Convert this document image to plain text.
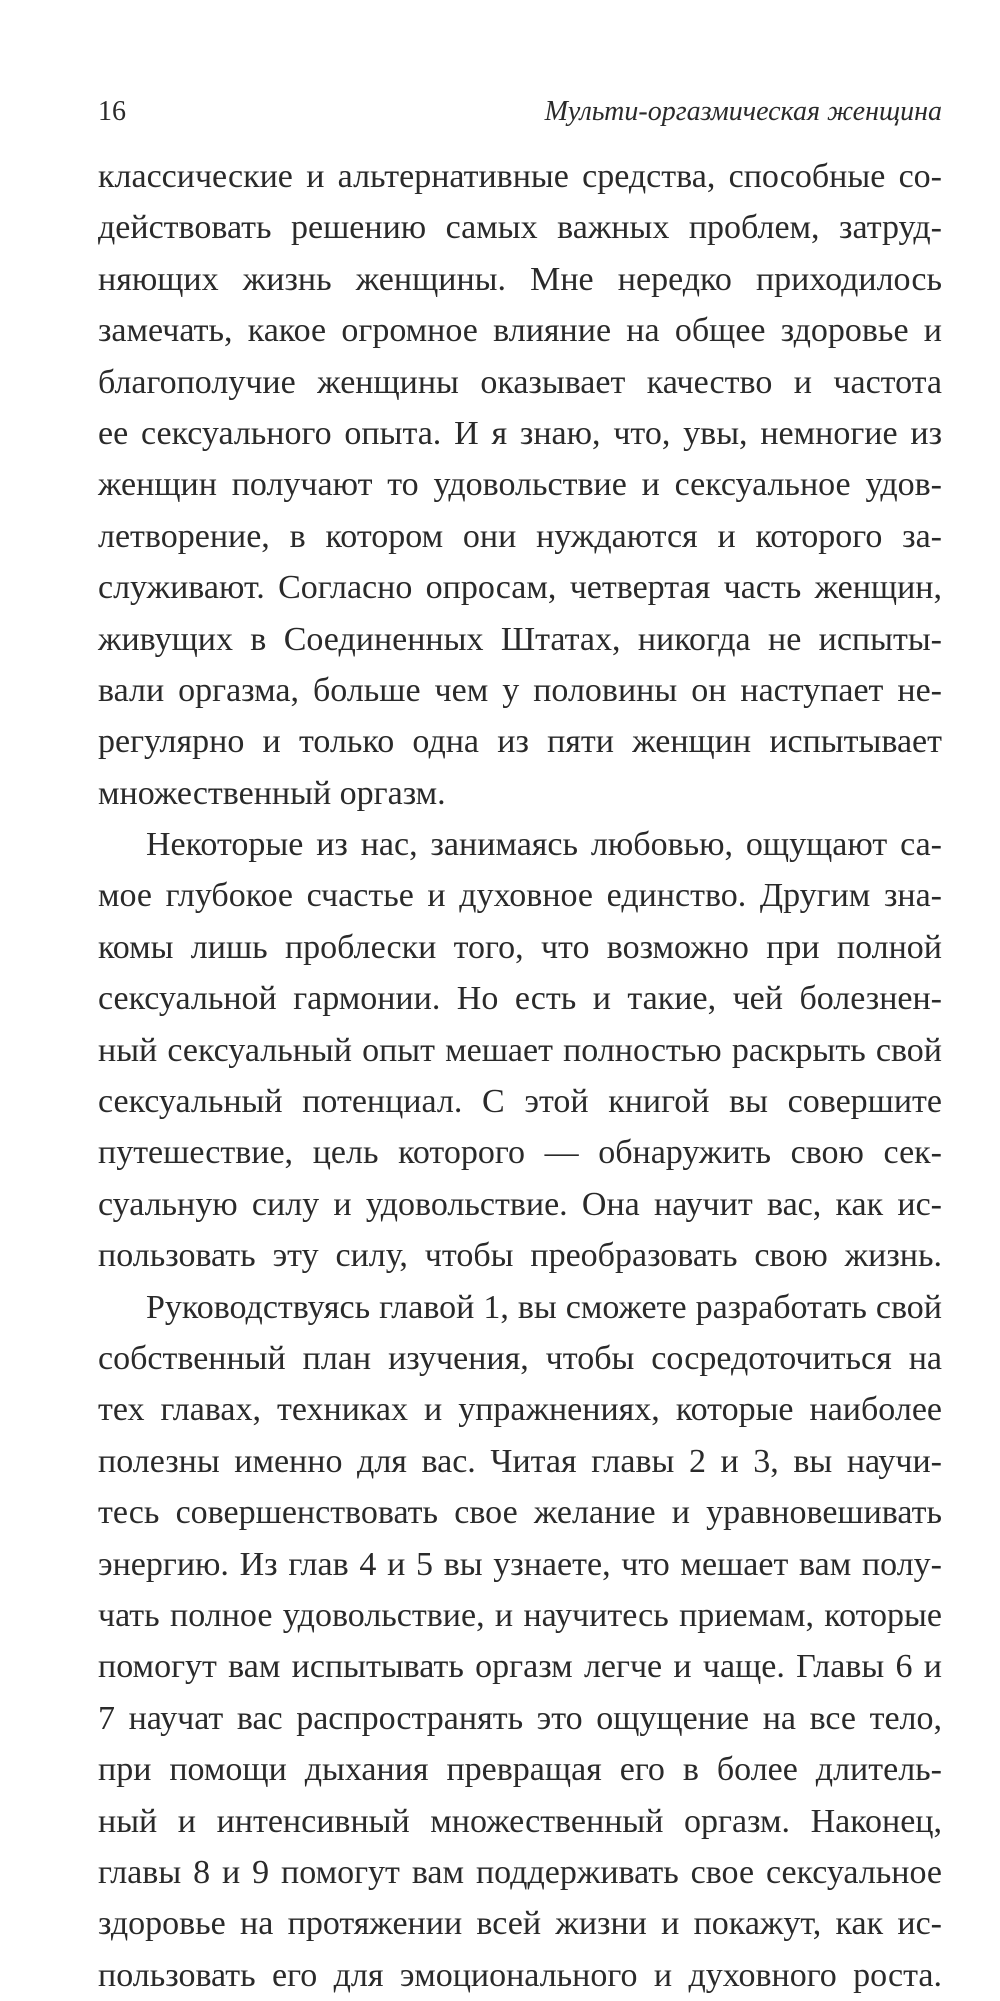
16	Мульти-оргазмическая женщина
классические и альтернативные средства, способные со-
действовать решению самых важных проблем, затруд-
няющих жизнь женщины. Мне нередко приходилось
замечать, какое огромное влияние на общее здоровье и
благополучие женщины оказывает качество и частота
ее сексуального опыта. И я знаю, что, увы, немногие из
женщин получают то удовольствие и сексуальное удов-
летворение, в котором они нуждаются и которого за-
служивают. Согласно опросам, четвертая часть женщин,
живущих в Соединенных Штатах, никогда не испыты-
вали оргазма, больше чем у половины он наступает не-
регулярно и только одна из пяти женщин испытывает
множественный оргазм.
Некоторые из нас, занимаясь любовью, ощущают са-
мое глубокое счастье и духовное единство. Другим зна-
комы лишь проблески того, что возможно при полной
сексуальной гармонии. Но есть и такие, чей болезнен-
ный сексуальный опыт мешает полностью раскрыть свой
сексуальный потенциал. С этой книгой вы совершите
путешествие, цель которого — обнаружить свою сек-
суальную силу и удовольствие. Она научит вас, как ис-
пользовать эту силу, чтобы преобразовать свою жизнь.
Руководствуясь главой 1, вы сможете разработать свой
собственный план изучения, чтобы сосредоточиться на
тех главах, техниках и упражнениях, которые наиболее
полезны именно для вас. Читая главы 2 и 3, вы научи-
тесь совершенствовать свое желание и уравновешивать
энергию. Из глав 4 и 5 вы узнаете, что мешает вам полу-
чать полное удовольствие, и научитесь приемам, которые
помогут вам испытывать оргазм легче и чаще. Главы 6 и
7 научат вас распространять это ощущение на все тело,
при помощи дыхания превращая его в более длитель-
ный и интенсивный множественный оргазм. Наконец,
главы 8 и 9 помогут вам поддерживать свое сексуальное
здоровье на протяжении всей жизни и покажут, как ис-
пользовать его для эмоционального и духовного роста.
